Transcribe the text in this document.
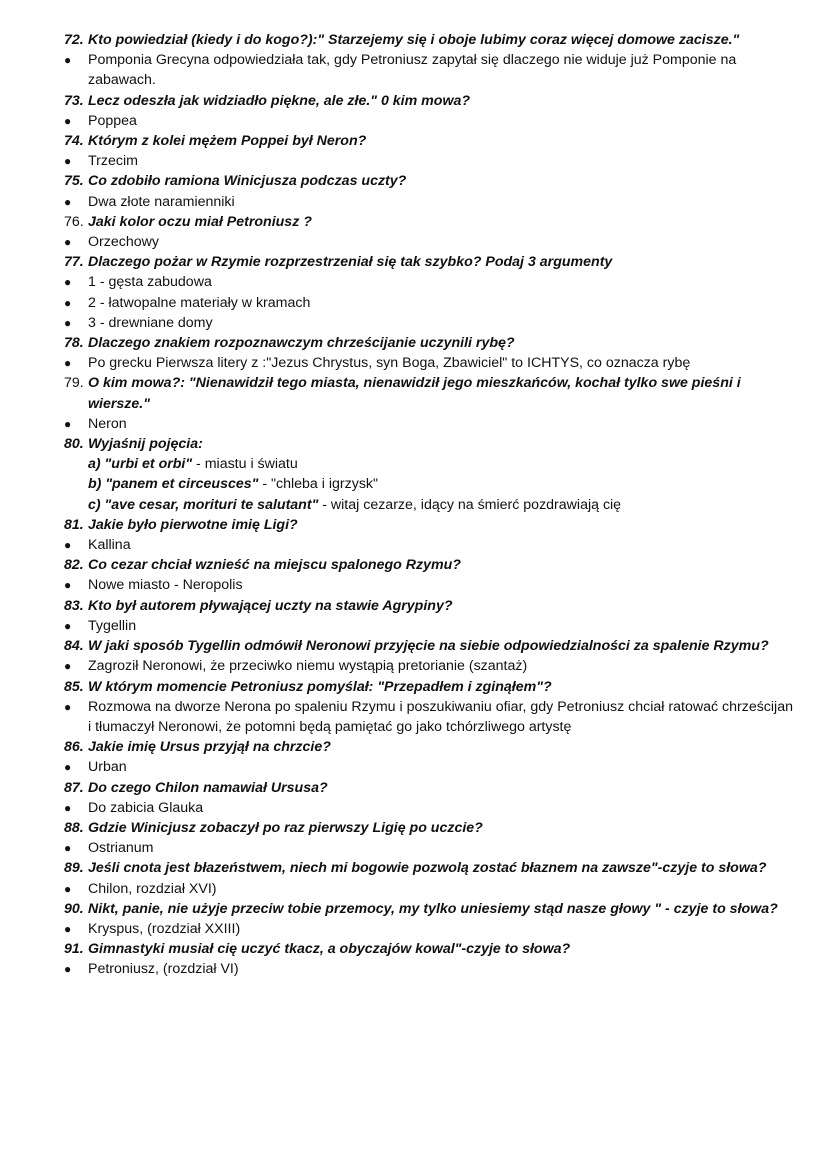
72. Kto powiedział (kiedy i do kogo?):" Starzejemy się i oboje lubimy coraz więcej domowe zacisze."
●	Pomponia Grecyna odpowiedziała tak, gdy Petroniusz zapytał się dlaczego nie widuje już Pomponie na zabawach.
73. Lecz odeszła jak widziadło piękne, ale złe." 0 kim mowa?
●	Poppea
74. Którym z kolei mężem Poppei był Neron?
●	Trzecim
75. Co zdobiło ramiona Winicjusza podczas uczty?
●	Dwa złote naramienniki
76. Jaki kolor oczu miał Petroniusz ?
●	Orzechowy
77. Dlaczego pożar w Rzymie rozprzestrzeniał się tak szybko? Podaj 3 argumenty
●	1 - gęsta zabudowa
●	2 - łatwopalne materiały w kramach
●	3 - drewniane domy
78. Dlaczego znakiem rozpoznawczym chrześcijanie uczynili rybę?
●	Po grecku Pierwsza litery z :"Jezus Chrystus, syn Boga, Zbawiciel" to ICHTYS, co oznacza rybę
79. O kim mowa?: "Nienawidził tego miasta, nienawidził jego mieszkańców, kochał tylko swe pieśni i wiersze."
●	Neron
80. Wyjaśnij pojęcia:
a) "urbi et orbi" - miastu i światu
b) "panem et circeusces" - "chleba i igrzysk"
c) "ave cesar, morituri te salutant" - witaj cezarze, idący na śmierć pozdrawiają cię
81. Jakie było pierwotne imię Ligi?
●	Kallina
82. Co cezar chciał wznieść na miejscu spalonego Rzymu?
●	Nowe miasto - Neropolis
83. Kto był autorem pływającej uczty na stawie Agrypiny?
●	Tygellin
84. W jaki sposób Tygellin odmówił Neronowi przyjęcie na siebie odpowiedzialności za spalenie Rzymu?
●	Zagroził Neronowi, że przeciwko niemu wystąpią pretorianie (szantaż)
85. W którym momencie Petroniusz pomyślał: "Przepadłem i zginąłem"?
●	Rozmowa na dworze Nerona po spaleniu Rzymu i poszukiwaniu ofiar, gdy Petroniusz chciał ratować chrześcijan i tłumaczył Neronowi, że potomni będą pamiętać go jako tchórzliwego artystę
86. Jakie imię Ursus przyjął na chrzcie?
●	Urban
87. Do czego Chilon namawiał Ursusa?
●	Do zabicia Glauka
88. Gdzie Winicjusz zobaczył po raz pierwszy Ligię po uczcie?
●	Ostrianum
89. Jeśli cnota jest błazeństwem, niech mi bogowie pozwolą zostać błaznem na zawsze"-czyje to słowa?
●	Chilon, rozdział XVI)
90. Nikt, panie, nie użyje przeciw tobie przemocy, my tylko uniesiemy stąd nasze głowy " - czyje to słowa?
●	Kryspus, (rozdział XXIII)
91. Gimnastyki musiał cię uczyć tkacz, a obyczajów kowal"-czyje to słowa?
●	Petroniusz, (rozdział VI)
